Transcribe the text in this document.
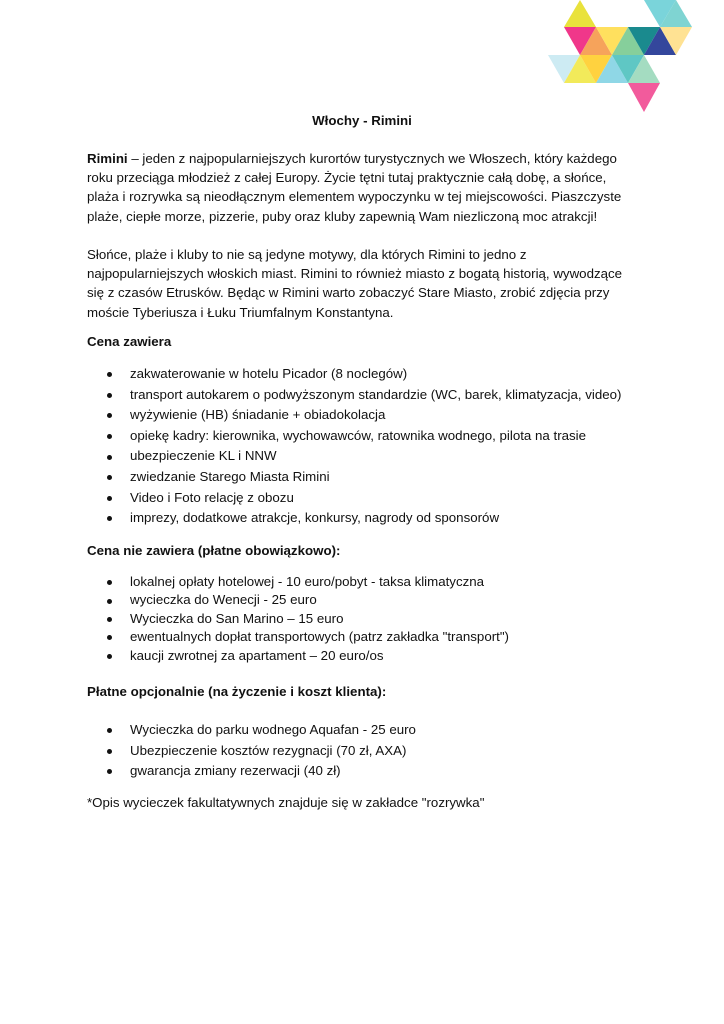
Włochy - Rimini
Rimini – jeden z najpopularniejszych kurortów turystycznych we Włoszech, który każdego roku przeciąga młodzież z całej Europy. Życie tętni tutaj praktycznie całą dobę, a słońce, plaża i rozrywka są nieodłącznym elementem wypoczynku w tej miejscowości. Piaszczyste plaże, ciepłe morze, pizzerie, puby oraz kluby zapewnią Wam niezliczoną moc atrakcji!
Słońce, plaże i kluby to nie są jedyne motywy, dla których Rimini to jedno z najpopularniejszych włoskich miast. Rimini to również miasto z bogatą historią, wywodzące się z czasów Etrusków. Będąc w Rimini warto zobaczyć Stare Miasto, zrobić zdjęcia przy moście Tyberiusza i Łuku Triumfalnym Konstantyna.
Cena zawiera
zakwaterowanie w hotelu Picador (8 noclegów)
transport autokarem o podwyższonym standardzie (WC, barek, klimatyzacja, video)
wyżywienie (HB) śniadanie + obiadokolacja
opiekę kadry: kierownika, wychowawców, ratownika wodnego, pilota na trasie
ubezpieczenie KL i NNW
zwiedzanie Starego Miasta Rimini
Video i Foto relację z obozu
imprezy, dodatkowe atrakcje, konkursy, nagrody od sponsorów
Cena nie zawiera (płatne obowiązkowo):
lokalnej opłaty hotelowej - 10 euro/pobyt - taksa klimatyczna
wycieczka do Wenecji - 25 euro
Wycieczka do San Marino – 15 euro
ewentualnych dopłat transportowych (patrz zakładka "transport")
kaucji zwrotnej za apartament – 20 euro/os
Płatne opcjonalnie (na życzenie i koszt klienta):
Wycieczka do parku wodnego Aquafan - 25 euro
Ubezpieczenie kosztów rezygnacji (70 zł, AXA)
gwarancja zmiany rezerwacji (40 zł)
*Opis wycieczek fakultatywnych znajduje się w zakładce "rozrywka"
